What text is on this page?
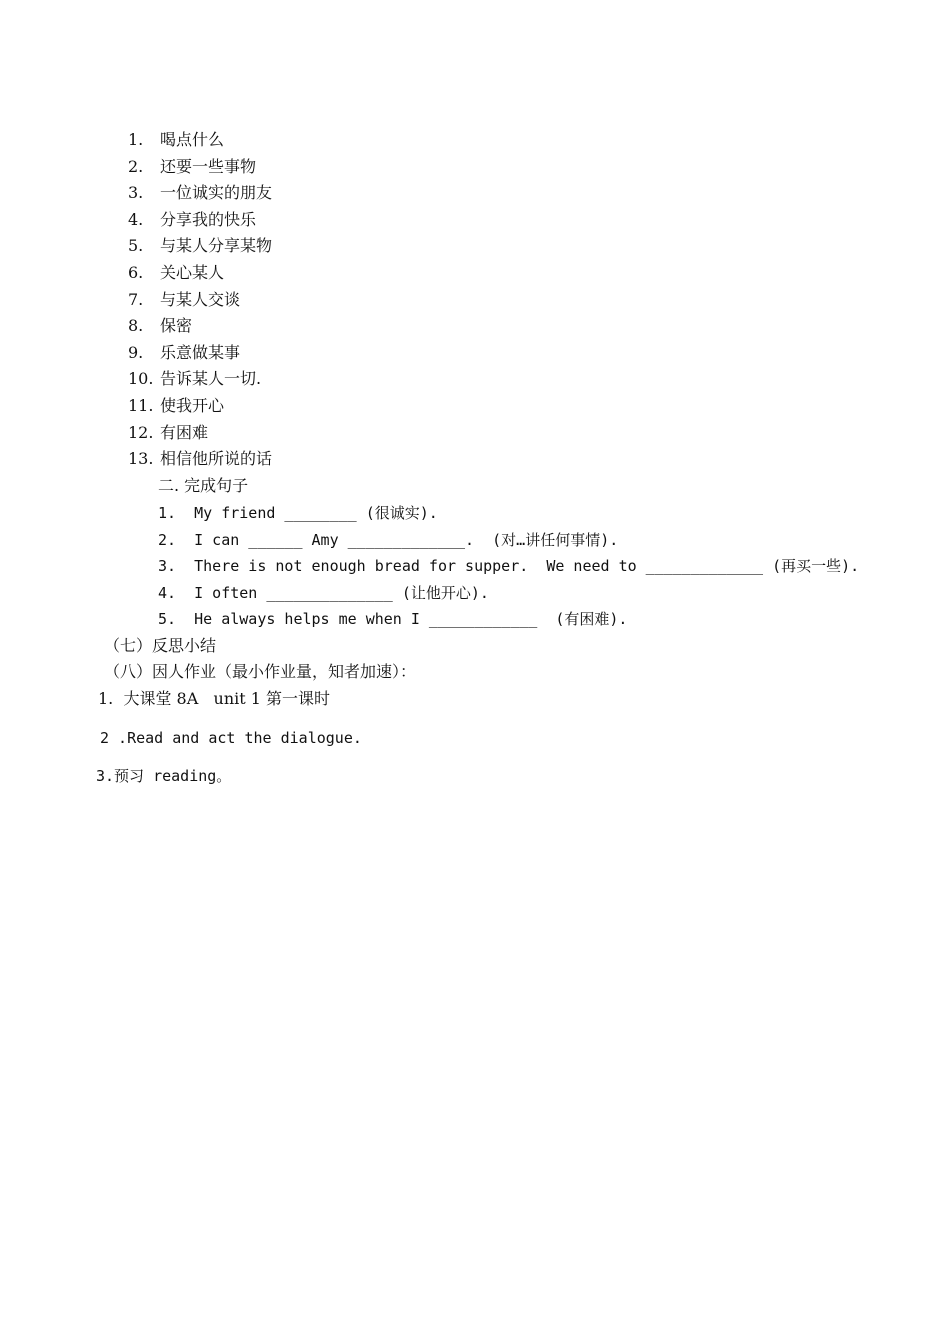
1. 喝点什么
2. 还要一些事物
3. 一位诚实的朋友
4. 分享我的快乐
5. 与某人分享某物
6. 关心某人
7. 与某人交谈
8. 保密
9. 乐意做某事
10. 告诉某人一切.
11. 使我开心
12. 有困难
13. 相信他所说的话
二. 完成句子
1.  My friend ________ (很诚实).
2.  I can ______ Amy _____________.  (对…讲任何事情).
3.  There is not enough bread for supper.  We need to _____________ (再买一些).
4.  I often ______________ (让他开心).
5.  He always helps me when I ____________  (有困难).
（七）反思小结
（八）因人作业（最小作业量，知者加速）：
1.  大课堂 8A   unit 1 第一课时
2 .Read and act the dialogue.
3.预习 reading。
